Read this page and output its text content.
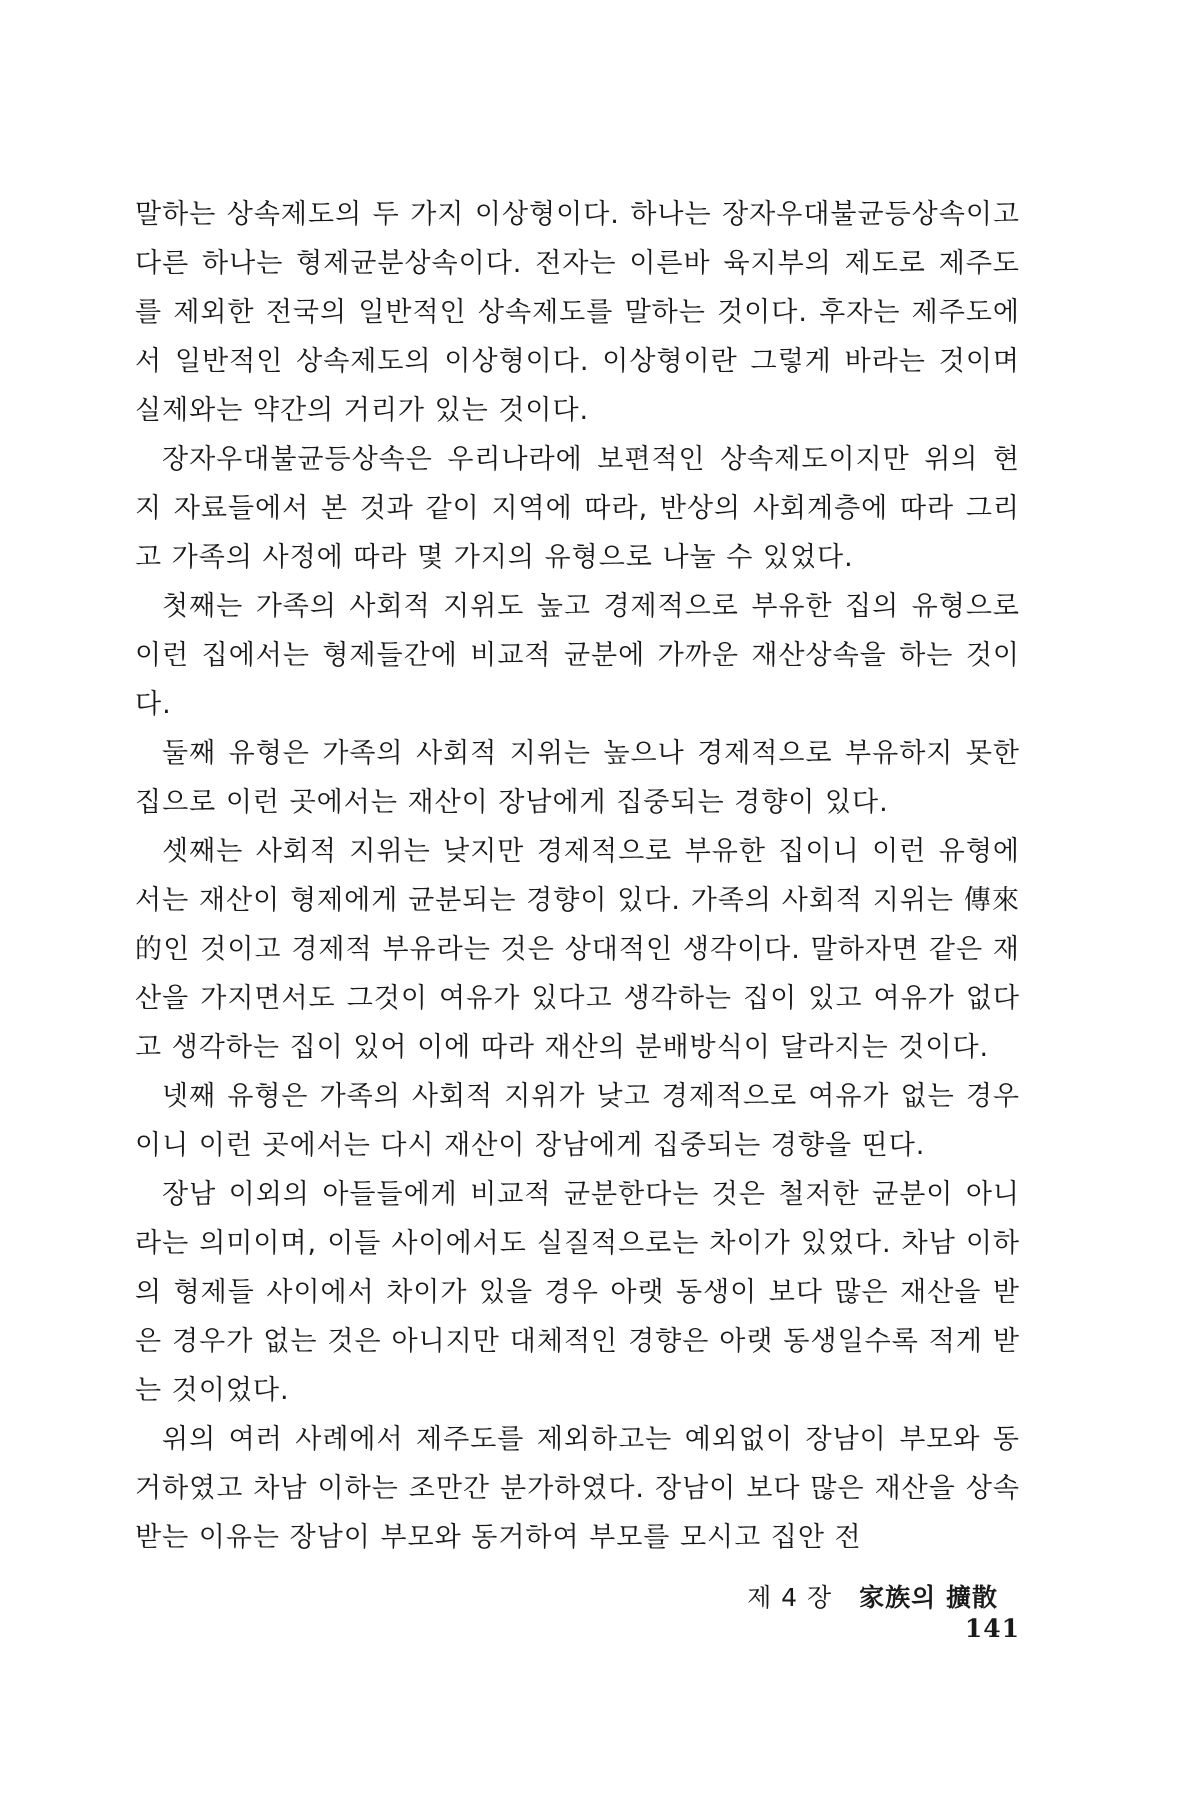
말하는 상속제도의 두 가지 이상형이다. 하나는 장자우대불균등상속이고 다른 하나는 형제균분상속이다. 전자는 이른바 육지부의 제도로 제주도를 제외한 전국의 일반적인 상속제도를 말하는 것이다. 후자는 제주도에서 일반적인 상속제도의 이상형이다. 이상형이란 그렇게 바라는 것이며 실제와는 약간의 거리가 있는 것이다.

장자우대불균등상속은 우리나라에 보편적인 상속제도이지만 위의 현지 자료들에서 본 것과 같이 지역에 따라, 반상의 사회계층에 따라 그리고 가족의 사정에 따라 몇 가지의 유형으로 나눌 수 있었다.

첫째는 가족의 사회적 지위도 높고 경제적으로 부유한 집의 유형으로 이런 집에서는 형제들간에 비교적 균분에 가까운 재산상속을 하는 것이다.

둘째 유형은 가족의 사회적 지위는 높으나 경제적으로 부유하지 못한 집으로 이런 곳에서는 재산이 장남에게 집중되는 경향이 있다.

셋째는 사회적 지위는 낮지만 경제적으로 부유한 집이니 이런 유형에서는 재산이 형제에게 균분되는 경향이 있다. 가족의 사회적 지위는 傳來的인 것이고 경제적 부유라는 것은 상대적인 생각이다. 말하자면 같은 재산을 가지면서도 그것이 여유가 있다고 생각하는 집이 있고 여유가 없다고 생각하는 집이 있어 이에 따라 재산의 분배방식이 달라지는 것이다.

넷째 유형은 가족의 사회적 지위가 낮고 경제적으로 여유가 없는 경우이니 이런 곳에서는 다시 재산이 장남에게 집중되는 경향을 띤다.

장남 이외의 아들들에게 비교적 균분한다는 것은 철저한 균분이 아니라는 의미이며, 이들 사이에서도 실질적으로는 차이가 있었다. 차남 이하의 형제들 사이에서 차이가 있을 경우 아랫 동생이 보다 많은 재산을 받은 경우가 없는 것은 아니지만 대체적인 경향은 아랫 동생일수록 적게 받는 것이었다.

위의 여러 사례에서 제주도를 제외하고는 예외없이 장남이 부모와 동거하였고 차남 이하는 조만간 분가하였다. 장남이 보다 많은 재산을 상속받는 이유는 장남이 부모와 동거하여 부모를 모시고 집안 전

제 4 장 家族의 擴散 141
